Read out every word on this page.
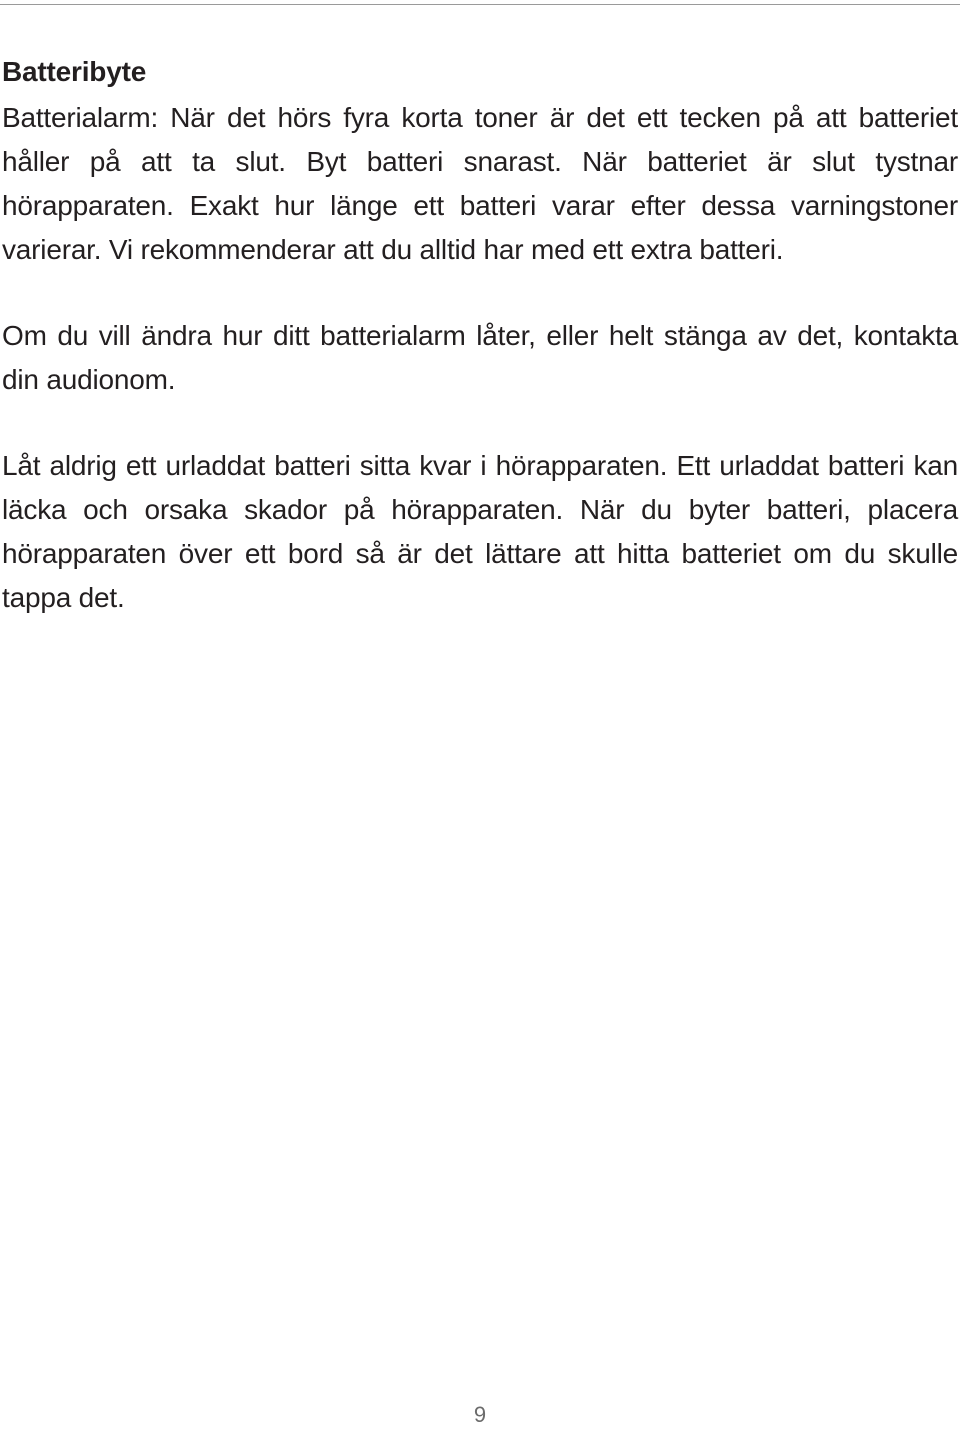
Batteribyte

Batterialarm: När det hörs fyra korta toner är det ett tecken på att batteriet håller på att ta slut. Byt batteri snarast. När batteriet är slut tystnar hörapparaten. Exakt hur länge ett batteri varar efter dessa varningstoner varierar. Vi rekommenderar att du alltid har med ett extra batteri.

Om du vill ändra hur ditt batterialarm låter, eller helt stänga av det, kontakta din audionom.

Låt aldrig ett urladdat batteri sitta kvar i hörapparaten. Ett urladdat batteri kan läcka och orsaka skador på hörapparaten. När du byter batteri, placera hörapparaten över ett bord så är det lättare att hitta batteriet om du skulle tappa det.

9
